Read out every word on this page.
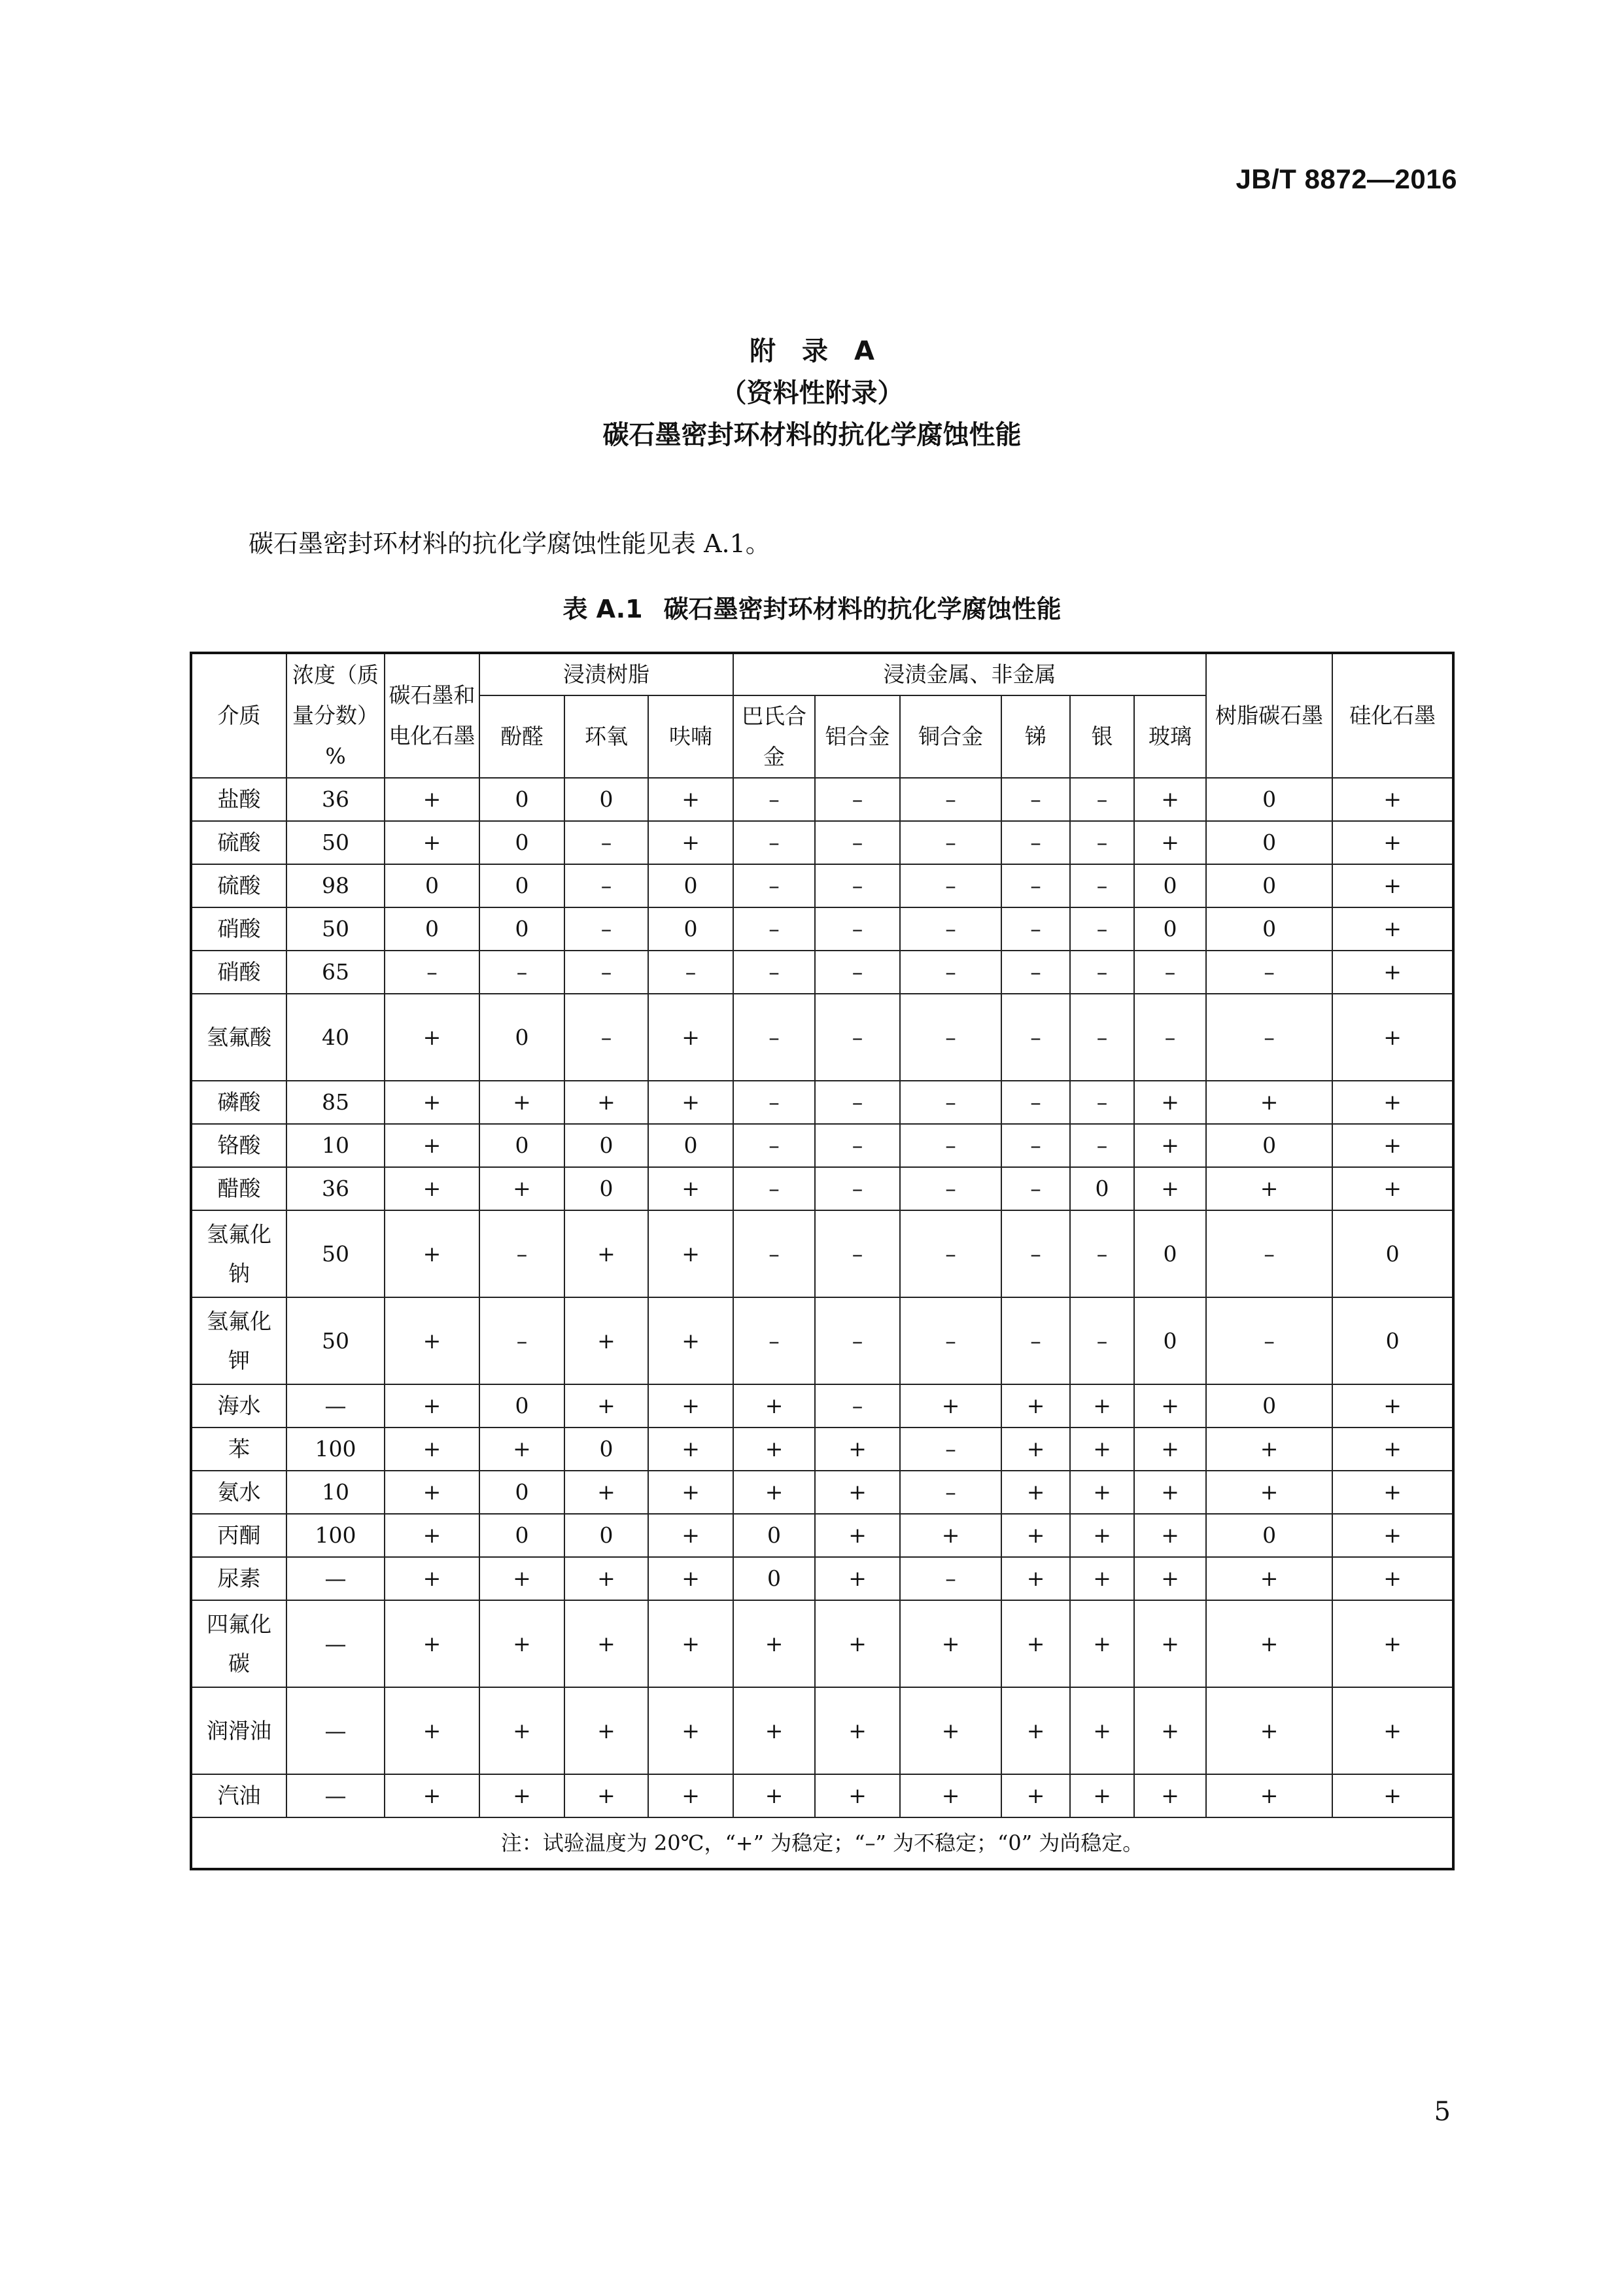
JB/T 8872—2016
附　录　A
（资料性附录）
碳石墨密封环材料的抗化学腐蚀性能
碳石墨密封环材料的抗化学腐蚀性能见表 A.1。
表 A.1 碳石墨密封环材料的抗化学腐蚀性能
介质	浓度（质量分数）%	碳石墨和电化石墨	浸渍树脂			浸渍金属、非金属						树脂碳石墨	硅化石墨
			酚醛	环氧	呋喃	巴氏合金	铝合金	铜合金	锑	银	玻璃		
盐酸	36	+	0	0	+	–	–	–	–	–	+	0	+
硫酸	50	+	0	–	+	–	–	–	–	–	+	0	+
硫酸	98	0	0	–	0	–	–	–	–	–	0	0	+
硝酸	50	0	0	–	0	–	–	–	–	–	0	0	+
硝酸	65	–	–	–	–	–	–	–	–	–	–	–	+
氢氟酸	40	+	0	–	+	–	–	–	–	–	–	–	+
磷酸	85	+	+	+	+	–	–	–	–	–	+	+	+
铬酸	10	+	0	0	0	–	–	–	–	–	+	0	+
醋酸	36	+	+	0	+	–	–	–	–	0	+	+	+
氢氟化钠	50	+	–	+	+	–	–	–	–	–	0	–	0
氢氟化钾	50	+	–	+	+	–	–	–	–	–	0	–	0
海水	—	+	0	+	+	+	–	+	+	+	+	0	+
苯	100	+	+	0	+	+	+	–	+	+	+	+	+
氨水	10	+	0	+	+	+	+	–	+	+	+	+	+
丙酮	100	+	0	0	+	0	+	+	+	+	+	0	+
尿素	—	+	+	+	+	0	+	–	+	+	+	+	+
四氟化碳	—	+	+	+	+	+	+	+	+	+	+	+	+
润滑油	—	+	+	+	+	+	+	+	+	+	+	+	+
汽油	—	+	+	+	+	+	+	+	+	+	+	+	+
注：试验温度为 20℃，“+” 为稳定；“–” 为不稳定；“0” 为尚稳定。													
5
